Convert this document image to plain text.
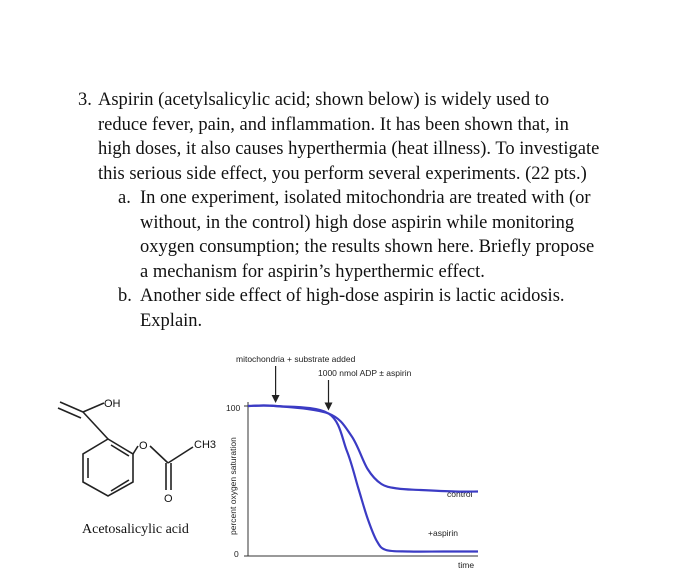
3. Aspirin (acetylsalicylic acid; shown below) is widely used to
reduce fever, pain, and inflammation. It has been shown that, in
high doses, it also causes hyperthermia (heat illness). To investigate
this serious side effect, you perform several experiments. (22 pts.)
a. In one experiment, isolated mitochondria are treated with (or
without, in the control) high dose aspirin while monitoring
oxygen consumption; the results shown here. Briefly propose
a mechanism for aspirin’s hyperthermic effect.
b. Another side effect of high-dose aspirin is lactic acidosis.
Explain.
OH
O	CH3
O
Acetosalicylic acid
mitochondria + substrate added
1000 nmol ADP ± aspirin
percent oxygen saturation
time
100
0
control
+aspirin
